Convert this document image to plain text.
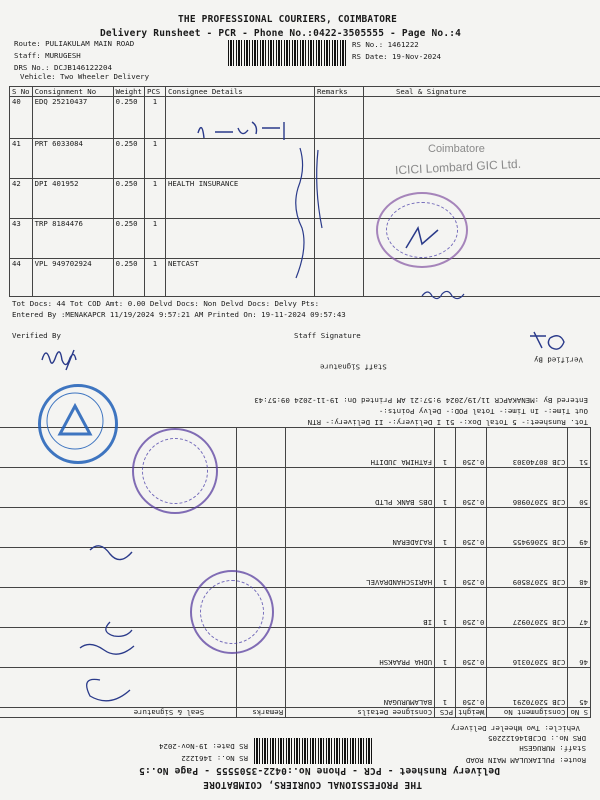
THE PROFESSIONAL COURIERS, COIMBATORE
Delivery Runsheet - PCR - Phone No.:0422-3505555 - Page No.:4
Route: PULIAKULAM MAIN ROAD
Staff: MURUGESH
DRS No.: DCJB146122204
Vehicle: Two Wheeler Delivery
RS No.: 1461222
RS Date: 19-Nov-2024
S No	Consignment No	Weight	PCS	Consignee Details	Remarks	Seal & Signature
40	EDQ 25210437	0.250	1			
41	PRT 6033084	0.250	1			
42	DPI 401952	0.250	1	HEALTH INSURANCE		
43	TRP 8184476	0.250	1			
44	VPL 949702924	0.250	1	NETCAST		
Coimbatore
ICICI Lombard GIC Ltd.
Tot Docs: 44 Tot COD Amt: 0.00 Delvd Docs: Non Delvd Docs: Delvy Pts:
Entered By :MENAKAPCR 11/19/2024 9:57:21 AM Printed On: 19-11-2024 09:57:43
Verified By	Staff Signature
THE PROFESSIONAL COURIERS, COIMBATORE
Delivery Runsheet - PCR - Phone No.:0422-3505555 - Page No.:5
Route: PULIAKULAM MAIN ROAD
Staff: MURUGESH
DRS No.: DCJB146122205
Vehicle: Two Wheeler Delivery
RS No.: 1461222
RS Date: 19-Nov-2024
S No	Consignment No	Weight	PCS	Consignee Details	Remarks	Seal & Signature
45	CJB 52070291	0.250	1	BALAMURUGAN		
46	CJB 52070316	0.250	1	UDHA PRAAKSH		
47	CJB 52070927	0.250	1	IB		
48	CJB 52078509	0.250	1	HARISCHANDRAVEL		
49	CJB 52069455	0.250	1	RAJADERAN		
50	CJB 52070986	0.250	1	DBS BANK PLTD		
51	CJB 80740303	0.250	1	FATHIMA JUDITH		
Tot. Runsheet:- 5 Total Dox:- 51 I Delivery:- II Delivery:- RTN
Out Time:- In Time:- Total POD:- Delvy Points:-
Entered By :MENAKAPCR 11/19/2024 9:57:21 AM Printed On: 19-11-2024 09:57:43
Staff Signature
Verified By
